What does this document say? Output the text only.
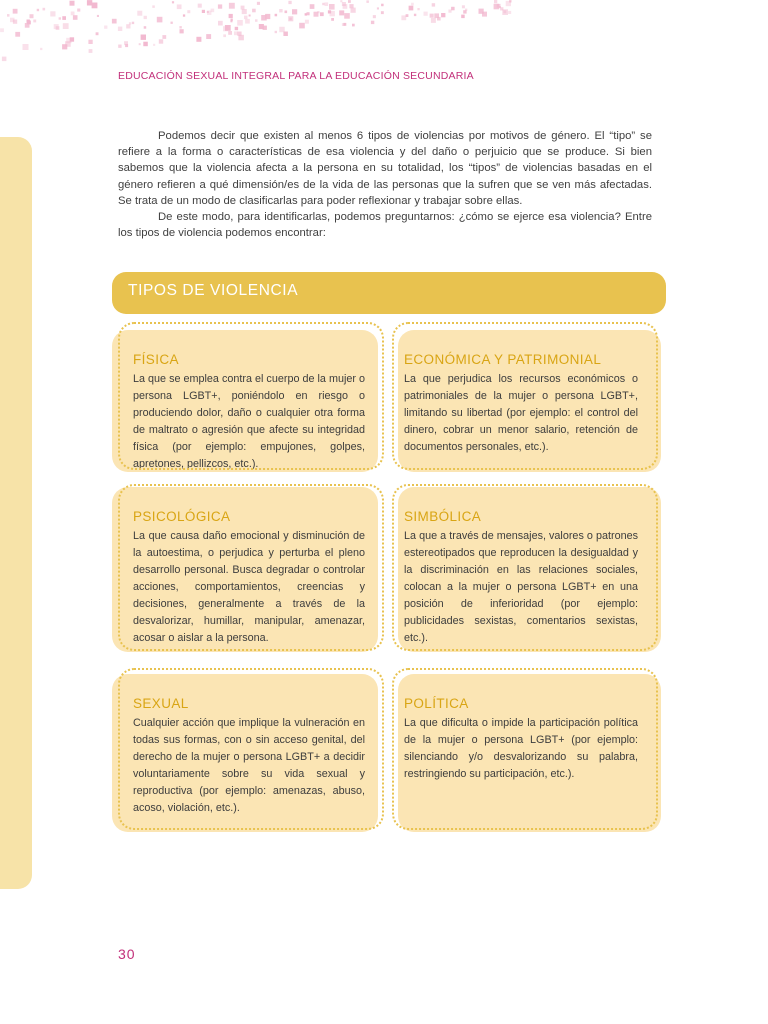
EDUCACIÓN SEXUAL INTEGRAL PARA LA EDUCACIÓN SECUNDARIA

Podemos decir que existen al menos 6 tipos de violencias por motivos de género. El “tipo” se refiere a la forma o características de esa violencia y del daño o perjuicio que se produce. Si bien sabemos que la violencia afecta a la persona en su totalidad, los “tipos” de violencias basadas en el género refieren a qué dimensión/es de la vida de las personas que la sufren que se ven más afectadas. Se trata de un modo de clasificarlas para poder reflexionar y trabajar sobre ellas.

De este modo, para identificarlas, podemos preguntarnos: ¿cómo se ejerce esa violencia? Entre los tipos de violencia podemos encontrar:

TIPOS DE VIOLENCIA
FÍSICA
La que se emplea contra el cuerpo de la mujer o persona LGBT+, poniéndolo en riesgo o produciendo dolor, daño o cualquier otra forma de maltrato o agresión que afecte su integridad física (por ejemplo: empujones, golpes, apretones, pellizcos, etc.).
ECONÓMICA Y PATRIMONIAL
La que perjudica los recursos económicos o patrimoniales de la mujer o persona LGBT+, limitando su libertad (por ejemplo: el control del dinero, cobrar un menor salario, retención de documentos personales, etc.).
PSICOLÓGICA
La que causa daño emocional y disminución de la autoestima, o perjudica y perturba el pleno desarrollo personal. Busca degradar o controlar acciones, comportamientos, creencias y decisiones, generalmente a través de la desvalorizar, humillar, manipular, amenazar, acosar o aislar a la persona.
SIMBÓLICA
La que a través de mensajes, valores o patrones estereotipados que reproducen la desigualdad y la discriminación en las relaciones sociales, colocan a la mujer o persona LGBT+ en una posición de inferioridad (por ejemplo: publicidades sexistas, comentarios sexistas, etc.).
SEXUAL
Cualquier acción que implique la vulneración en todas sus formas, con o sin acceso genital, del derecho de la mujer o persona LGBT+ a decidir voluntariamente sobre su vida sexual y reproductiva (por ejemplo: amenazas, abuso, acoso, violación, etc.).
POLÍTICA
La que dificulta o impide la participación política de la mujer o persona LGBT+ (por ejemplo: silenciando y/o desvalorizando su palabra, restringiendo su participación, etc.).
30
